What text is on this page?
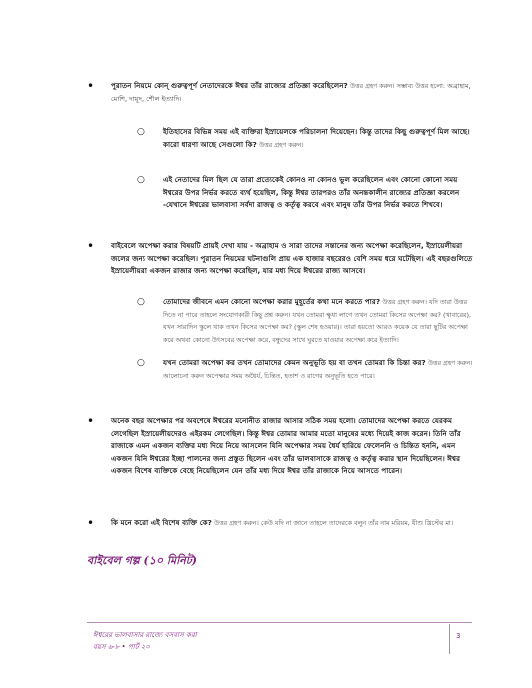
• পুরাতন নিয়মে কোন্ গুরুত্বপূর্ণ নেতাদেরকে ঈশ্বর তাঁর রাজ্যের প্রতিজ্ঞা করেছিলেন? উত্তর গ্রহণ করুন। সম্ভাব্য উত্তর হলো: অব্রাহাম, মোশি, দায়ূদ, শৌল ইত্যাদি।
○	ইতিহাসের বিভিন্ন সময় এই ব্যক্তিরা ইস্রায়েলকে পরিচালনা দিয়েছেন। কিন্তু তাদের কিছু গুরুত্বপূর্ণ মিল আছে। কারো ধারণা আছে সেগুলো কি? উত্তর গ্রহণ করুন।
○	এই নেতাদের মিল ছিল যে তারা প্রত্যেকেই কোনও না কোনও ভুল করেছিলেন এবং কোনো কোনো সময় ঈশ্বরের উপর নির্ভর করতে ব্যর্থ হয়েছিল, কিন্তু ঈশ্বর তারপরও তাঁর অনন্তকালীন রাজ্যের প্রতিজ্ঞা করলেন -যেখানে ঈশ্বরের ভালবাসা সর্বদা রাজত্ব ও কর্তৃত্ব করবে এবং মানুষ তাঁর উপর নির্ভর করতে শিখবে।
• বাইবেলে অপেক্ষা করার বিষয়টি প্রায়ই দেখা যায় - অব্রাহাম ও সারা তাদের সন্তানের জন্য অপেক্ষা করেছিলেন, ইস্রায়েলীয়রা জলের জন্য অপেক্ষা করেছিল। পুরাতন নিয়মের ঘটনাগুলি প্রায় এক হাজার বছরেরও বেশি সময় ধরে ঘটেছিল। এই বছরগুলিতে ইস্রায়েলীয়রা একজন রাজার জন্য অপেক্ষা করেছিল, যার মধ্য দিয়ে ঈশ্বরের রাজ্য আসবে।
○	তোমাদের জীবনে এমন কোনো অপেক্ষা করার মুহূর্তের কথা মনে করতে পার? উত্তর গ্রহণ করুন। যদি তারা উত্তর দিতে না পারে তাহলে সংযোগকারী কিছু প্রশ্ন করুন। যখন তোমরা ক্ষুধা লাগে তখন তোমরা কিসের অপেক্ষা কর? (খাবারের), যখন সারাদিন স্কুলে থাক তখন কিসের অপেক্ষা কর? (স্কুল শেষ হওয়ার)। তারা হয়তো আরও কয়েক যে তারা ছুটির অপেক্ষা করে অথবা কোনো উৎসবের অপেক্ষা করে, বন্ধুদের সাথে ঘুরতে যাওয়ার অপেক্ষা করে ইত্যাদি।
○	যখন তোমরা অপেক্ষা কর তখন তোমাদের কেমন অনুভূতি হয় বা তখন তোমরা কি চিন্তা কর? উত্তর গ্রহণ করুন। আলোচনা করুন অপেক্ষার সময় অধৈর্য, চিন্তিত, হতাশ ও রাগের অনুভূতি হতে পারে।
• অনেক বছর অপেক্ষার পর অবশেষে ঈশ্বরের মনোনীত রাজার আসার সঠিক সময় হলো। তোমাদের অপেক্ষা করতে যেরকম লেগেছিল ইস্রায়েলীয়দেরও এইরকম লেগেছিল। কিন্তু ঈশ্বর তোমার আমার মতো মানুষের মধ্যে দিয়েই কাজ করেন। তিনি তাঁর রাজাকে এমন একজন ব্যক্তির মধ্য দিয়ে নিয়ে আসলেন যিনি অপেক্ষার সময় ধৈর্য হারিয়ে ফেলেননি ও চিন্তিত হননি, এমন একজন যিনি ঈশ্বরের ইচ্ছা পালনের জন্য প্রস্তুত ছিলেন এবং তাঁর ভালবাসাকে রাজত্ব ও কর্তৃত্ব করার স্থান দিয়েছিলেন। ঈশ্বর একজন বিশেষ ব্যক্তিকে বেছে নিয়েছিলেন যেন তাঁর মধ্য দিয়ে ঈশ্বর তাঁর রাজাকে নিয়ে আসতে পারেন।
• কি মনে করো এই বিশেষ ব্যক্তি কে? উত্তর গ্রহণ করুন। কেউ যদি না জানে তাহলে তাদেরকে বলুন তাঁর নাম মরিয়ম, যীশু খ্রিস্টের মা।
বাইবেল গল্প (১০ মিনিট)
ঈশ্বরের ভালবাসার রাজ্যে বসবাস করা
বয়স ৬-৮ • পার্ট ২০
3
